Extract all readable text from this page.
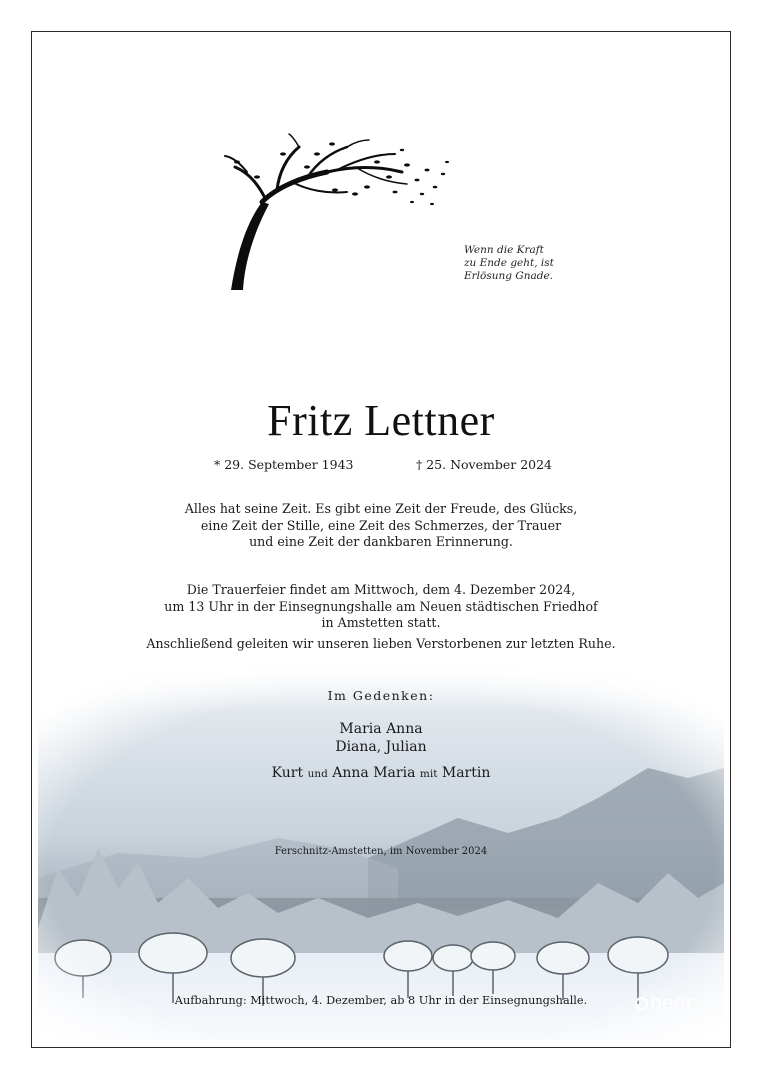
Wenn die Kraft
zu Ende geht, ist
Erlösung Gnade.
Fritz Lettner
* 29. September 1943	† 25. November 2024
Alles hat seine Zeit. Es gibt eine Zeit der Freude, des Glücks,
eine Zeit der Stille, eine Zeit des Schmerzes, der Trauer
und eine Zeit der dankbaren Erinnerung.
Die Trauerfeier findet am Mittwoch, dem 4. Dezember 2024,
um 13 Uhr in der Einsegnungshalle am Neuen städtischen Friedhof
in Amstetten statt.
Anschließend geleiten wir unseren lieben Verstorbenen zur letzten Ruhe.
Im Gedenken:
Maria Anna
Diana, Julian
Kurt und Anna Maria mit Martin
Ferschnitz-Amstetten, im November 2024
Aufbahrung: Mittwoch, 4. Dezember, ab 8 Uhr in der Einsegnungshalle.	beer
